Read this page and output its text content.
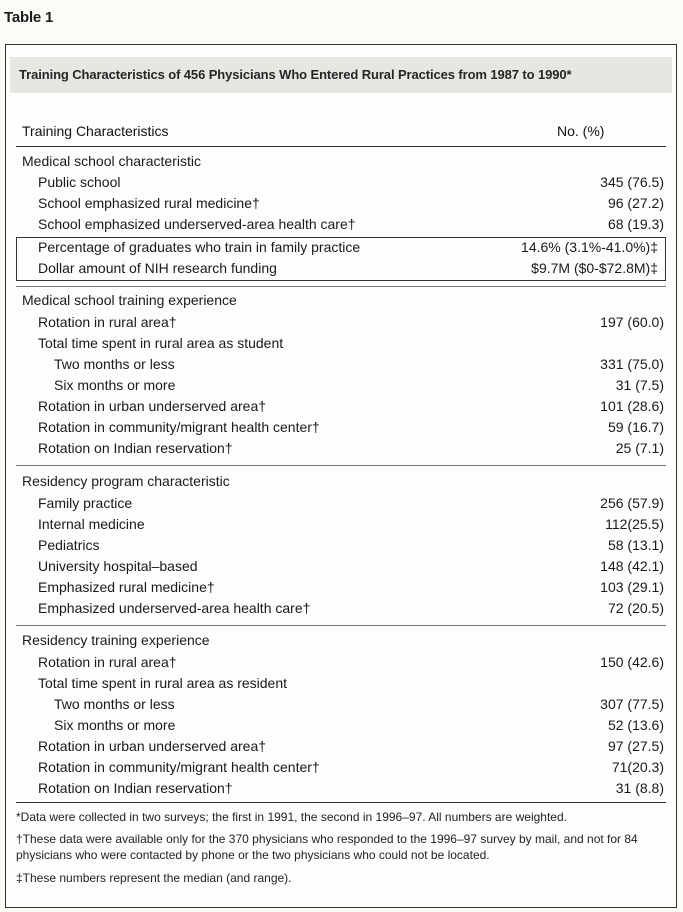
Table 1
Training Characteristics of 456 Physicians Who Entered Rural Practices from 1987 to 1990*
Training Characteristics	No. (%)
Medical school characteristic
Public school	345 (76.5)
School emphasized rural medicine†	96 (27.2)
School emphasized underserved-area health care†	68 (19.3)
Percentage of graduates who train in family practice	14.6% (3.1%-41.0%)‡
Dollar amount of NIH research funding	$9.7M ($0-$72.8M)‡
Medical school training experience
Rotation in rural area†	197 (60.0)
Total time spent in rural area as student
Two months or less	331 (75.0)
Six months or more	31 (7.5)
Rotation in urban underserved area†	101 (28.6)
Rotation in community/migrant health center†	59 (16.7)
Rotation on Indian reservation†	25 (7.1)
Residency program characteristic
Family practice	256 (57.9)
Internal medicine	112(25.5)
Pediatrics	58 (13.1)
University hospital–based	148 (42.1)
Emphasized rural medicine†	103 (29.1)
Emphasized underserved-area health care†	72 (20.5)
Residency training experience
Rotation in rural area†	150 (42.6)
Total time spent in rural area as resident
Two months or less	307 (77.5)
Six months or more	52 (13.6)
Rotation in urban underserved area†	97 (27.5)
Rotation in community/migrant health center†	71(20.3)
Rotation on Indian reservation†	31 (8.8)
*Data were collected in two surveys; the first in 1991, the second in 1996–97. All numbers are weighted.
†These data were available only for the 370 physicians who responded to the 1996–97 survey by mail, and not for 84 physicians who were contacted by phone or the two physicians who could not be located.
‡These numbers represent the median (and range).
